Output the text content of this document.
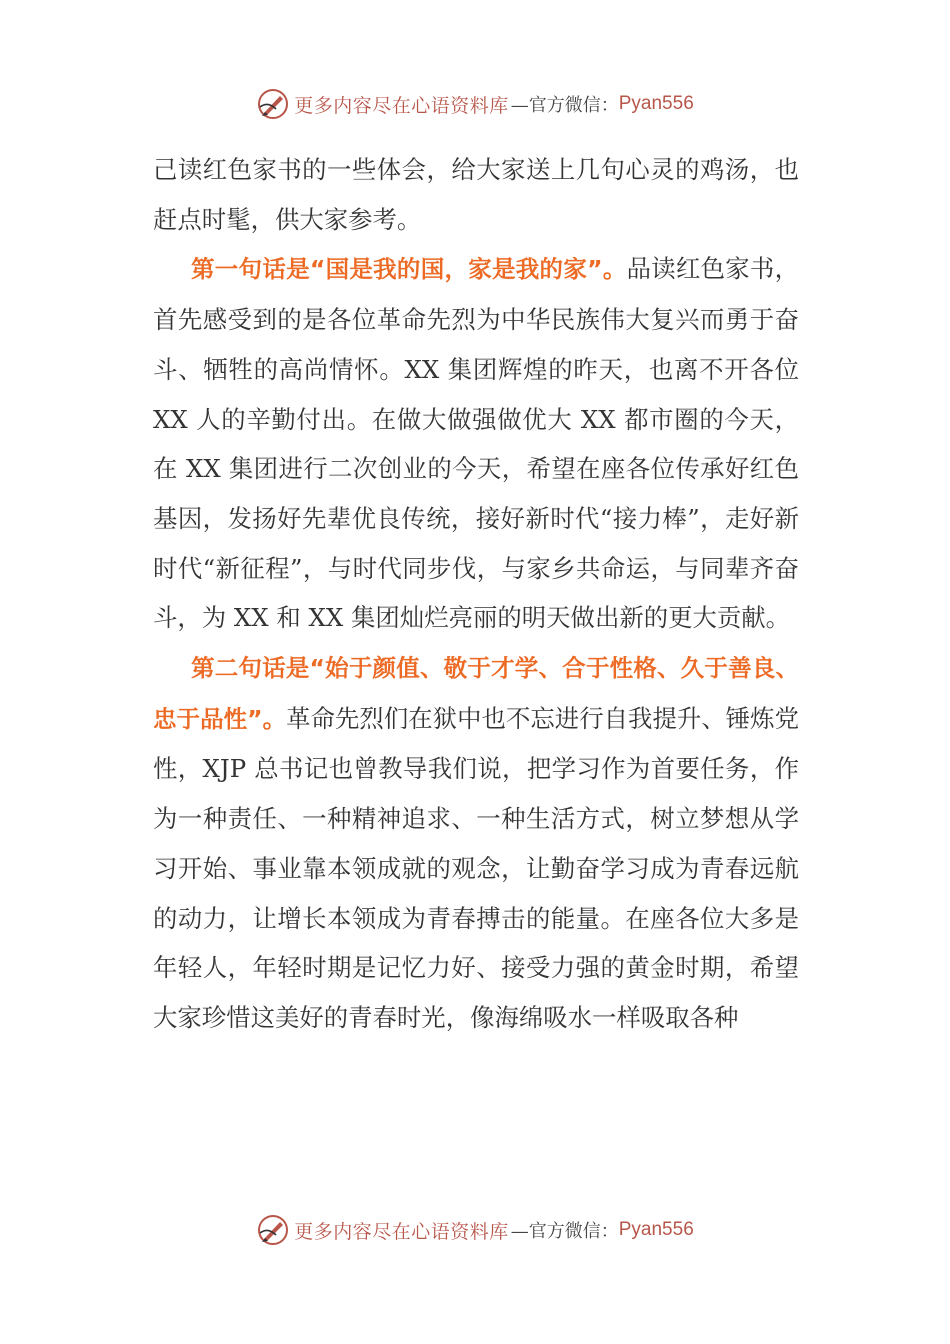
更多内容尽在心语资料库 —官方微信： Pyan556

己读红色家书的一些体会，给大家送上几句心灵的鸡汤，也赶点时髦，供大家参考。

第一句话是“国是我的国，家是我的家”。品读红色家书，首先感受到的是各位革命先烈为中华民族伟大复兴而勇于奋斗、牺牲的高尚情怀。XX 集团辉煌的昨天，也离不开各位 XX 人的辛勤付出。在做大做强做优大 XX 都市圈的今天，在 XX 集团进行二次创业的今天，希望在座各位传承好红色基因，发扬好先辈优良传统，接好新时代“接力棒”，走好新时代“新征程”，与时代同步伐，与家乡共命运，与同辈齐奋斗，为 XX 和 XX 集团灿烂亮丽的明天做出新的更大贡献。

第二句话是“始于颜值、敬于才学、合于性格、久于善良、忠于品性”。革命先烈们在狱中也不忘进行自我提升、锤炼党性，XJP 总书记也曾教导我们说，把学习作为首要任务，作为一种责任、一种精神追求、一种生活方式，树立梦想从学习开始、事业靠本领成就的观念，让勤奋学习成为青春远航的动力，让增长本领成为青春搏击的能量。在座各位大多是年轻人，年轻时期是记忆力好、接受力强的黄金时期，希望大家珍惜这美好的青春时光，像海绵吸水一样吸取各种

更多内容尽在心语资料库 —官方微信： Pyan556
